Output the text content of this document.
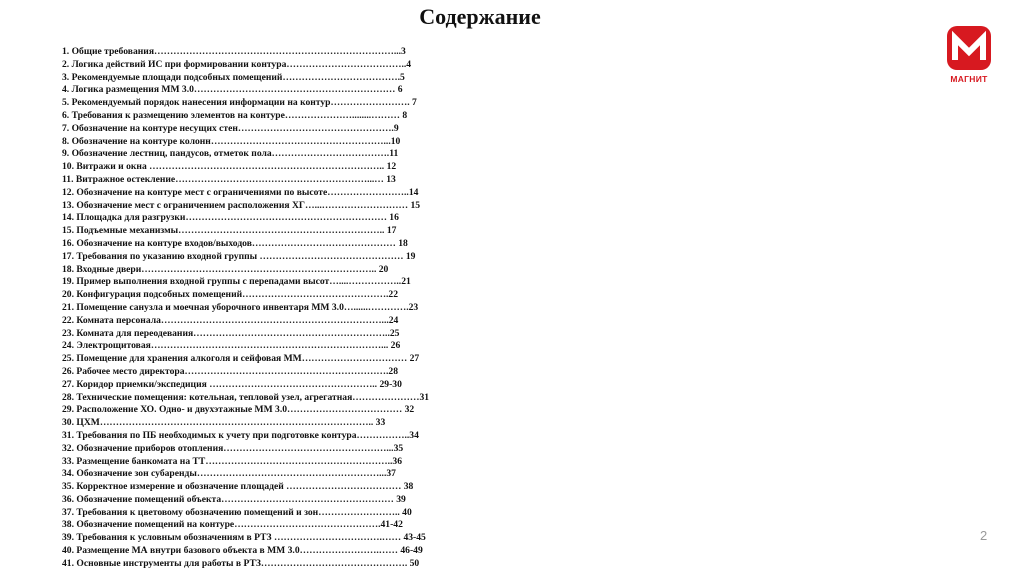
Содержание
1. Общие требования…………………………………………………………………...3
2. Логика действий ИС при формировании контура………………………………..4
3. Рекомендуемые площади подсобных помещений……………………………….5
4. Логика размещения ММ 3.0……………………………………………………… 6
5. Рекомендуемый порядок нанесения информации на контур……………………. 7
6. Требования к размещению элементов на контуре…………………........……… 8
7. Обозначение на контуре несущих стен………………………………………….9
8. Обозначение на контуре колонн………………………………………………...10
9. Обозначение лестниц, пандусов, отметок пола……………………………….11
10. Витражи и окна ……………………………………………………………….. 12
11. Витражное остекление……………………………………………………...… 13
12. Обозначение на контуре мест с ограничениями по высоте……………………..14
13. Обозначение мест с ограничением расположения ХГ…...……………………… 15
14. Площадка для разгрузки……………………………………………………… 16
15. Подъемные механизмы……………………………………………………….. 17
16. Обозначение на контуре входов/выходов……………………………………… 18
17. Требования по указанию входной группы ……………………………………… 19
18. Входные двери……………………………………………………………….. 20
19. Пример выполнения входной группы с перепадами высот…....……………..21
20. Конфигурация подсобных помещений……………………………………….22
21. Помещение санузла и моечная уборочного инвентаря ММ 3.0…......………….23
22. Комната персонала……………………………………………………………...24
23. Комната для переодевания……………………………………………………..25
24. Электрощитовая………………………………………………………………... 26
25. Помещение для хранения алкоголя и сейфовая ММ…………………………… 27
26. Рабочее место директора……………………………………………………….28
27. Коридор приемки/экспедиция …………………………………………….. 29-30
28. Технические помещения: котельная, тепловой узел, агрегатная…………………31
29. Расположение ХО. Одно- и двухэтажные ММ 3.0……………………………… 32
30. ЦХМ………………………………………………………………………….. 33
31. Требования по ПБ необходимых к учету при подготовке контура……………..34
32. Обозначение приборов отопления……………………………………………...35
33. Размещение банкомата на ТТ…………………………………………………..36
34. Обозначение зон субаренды…………………………………………………...37
35. Корректное измерение и обозначение площадей ……………………………… 38
36. Обозначение помещений объекта……………………………………………… 39
37. Требования к цветовому обозначению помещений и зон…………………….. 40
38. Обозначение помещений на контуре……………………………………….41-42
39. Требования к условным обозначениям в РТЗ …………………………….…… 43-45
40. Размещение МА внутри базового объекта в ММ 3.0…………………….…… 46-49
41. Основные инструменты для работы в РТЗ………………………………………. 50
МАГНИТ
2
